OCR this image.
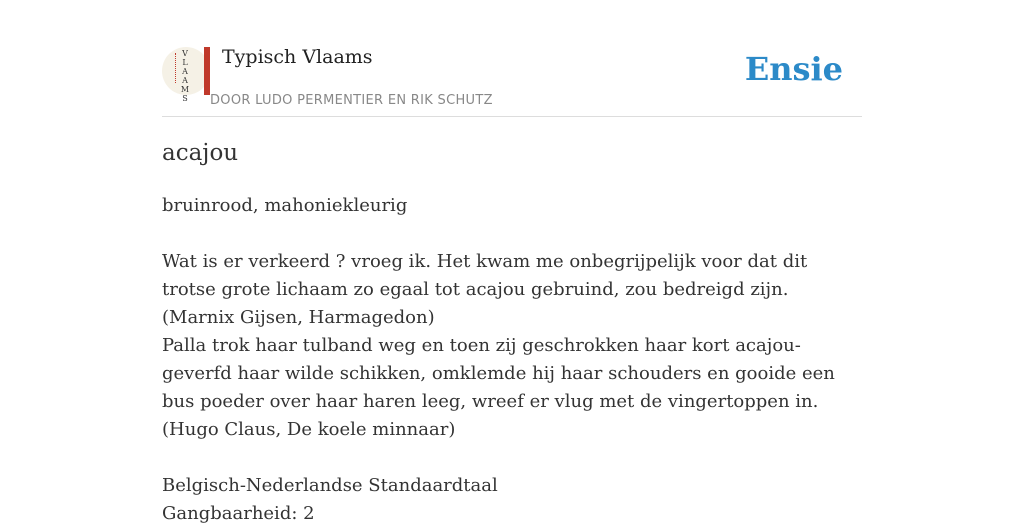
V
L
A
A
M
S
Typisch Vlaams
DOOR LUDO PERMENTIER EN RIK SCHUTZ
Ensie
acajou

bruinrood, mahoniekleurig

Wat is er verkeerd ? vroeg ik. Het kwam me onbegrijpelijk voor dat dit trotse grote lichaam zo egaal tot acajou gebruind, zou bedreigd zijn.

(Marnix Gijsen, Harmagedon)

Palla trok haar tulband weg en toen zij geschrokken haar kort acajou-geverfd haar wilde schikken, omklemde hij haar schouders en gooide een bus poeder over haar haren leeg, wreef er vlug met de vingertoppen in.

(Hugo Claus, De koele minnaar)

Belgisch-Nederlandse Standaardtaal

Gangbaarheid: 2
